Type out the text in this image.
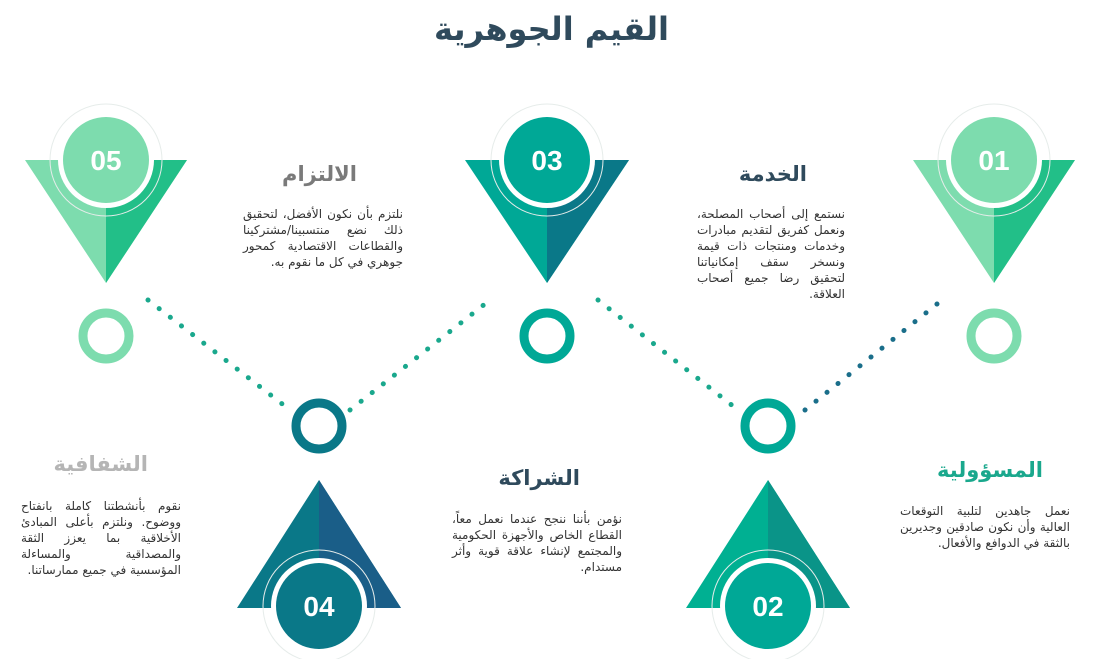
القيم الجوهرية
05	03	01
04	02
المسؤولية

نعمل جاهدين لتلبية التوقعات العالية وأن نكون صادقين وجديرين بالثقة في الدوافع والأفعال.

الخدمة

نستمع إلى أصحاب المصلحة، ونعمل كفريق لتقديم مبادرات وخدمات ومنتجات ذات قيمة ونسخر سقف إمكانياتنا لتحقيق رضا جميع أصحاب العلاقة.

الشراكة

نؤمن بأننا ننجح عندما نعمل معاً، القطاع الخاص والأجهزة الحكومية والمجتمع لإنشاء علاقة قوية وأثر مستدام.

الالتزام

نلتزم بأن نكون الأفضل، لتحقيق ذلك نضع منتسبينا/مشتركينا والقطاعات الاقتصادية كمحور جوهري في كل ما نقوم به.

الشفافية

نقوم بأنشطتنا كاملة بانفتاح ووضوح. ونلتزم بأعلى المبادئ الأخلاقية بما يعزز الثقة والمصداقية والمساءلة المؤسسية في جميع ممارساتنا.
